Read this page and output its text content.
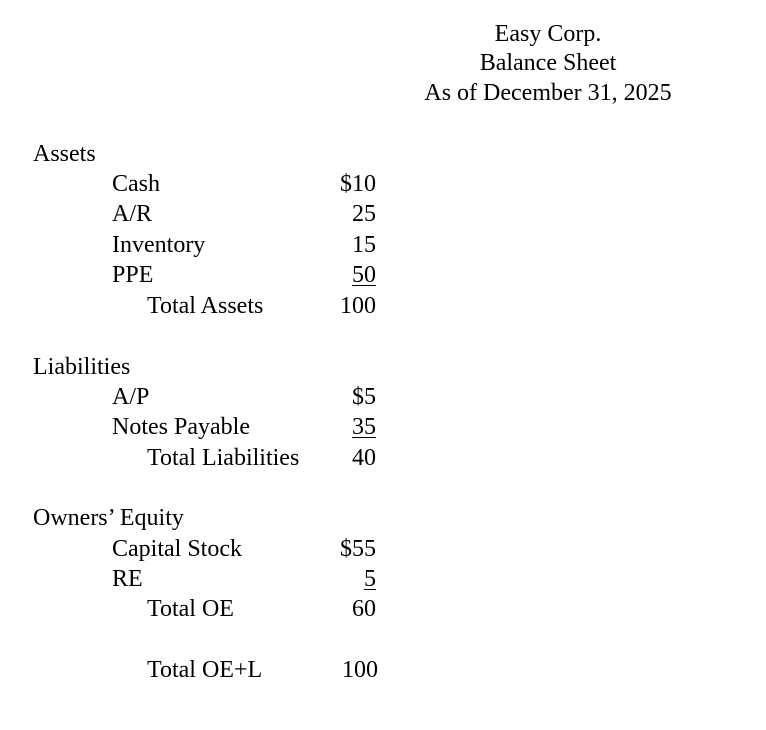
Easy Corp.
Balance Sheet
As of December 31, 2025
Assets
Cash	$10
A/R	25
Inventory	15
PPE	50
Total Assets	100
Liabilities
A/P	$5
Notes Payable	35
Total Liabilities	40
Owners’ Equity
Capital Stock	$55
RE	5
Total OE	60
Total OE+L	100
